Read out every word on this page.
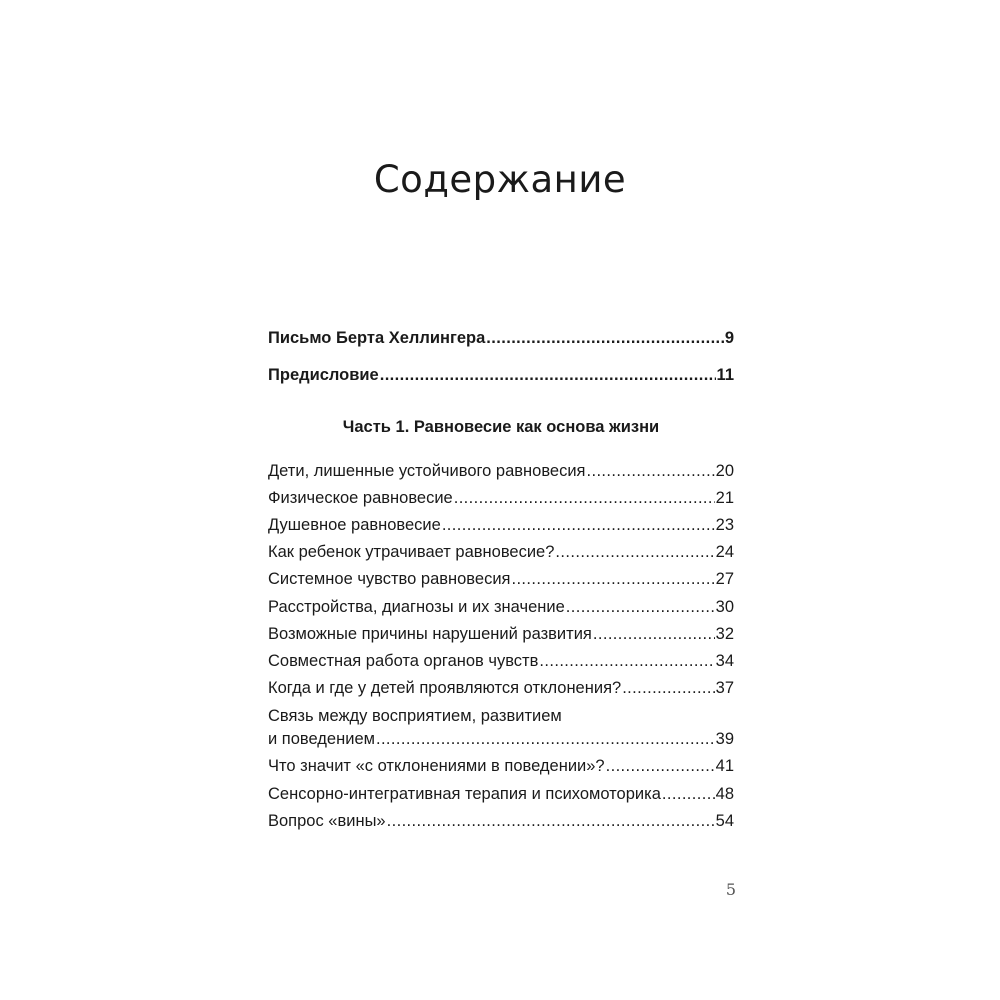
Содержание
Письмо Берта Хеллингера .....	9
Предисловие .....	11
Часть 1. Равновесие как основа жизни
Дети, лишенные устойчивого равновесия .....	20
Физическое равновесие .....	21
Душевное равновесие .....	23
Как ребенок утрачивает равновесие? .....	24
Системное чувство равновесия .....	27
Расстройства, диагнозы и их значение .....	30
Возможные причины нарушений развития .....	32
Совместная работа органов чувств .....	34
Когда и где у детей проявляются отклонения? .....	37
Связь между восприятием, развитием
и поведением .....	39
Что значит «с отклонениями в поведении»? .....	41
Сенсорно-интегративная терапия и психомоторика .....	48
Вопрос «вины» .....	54
5
